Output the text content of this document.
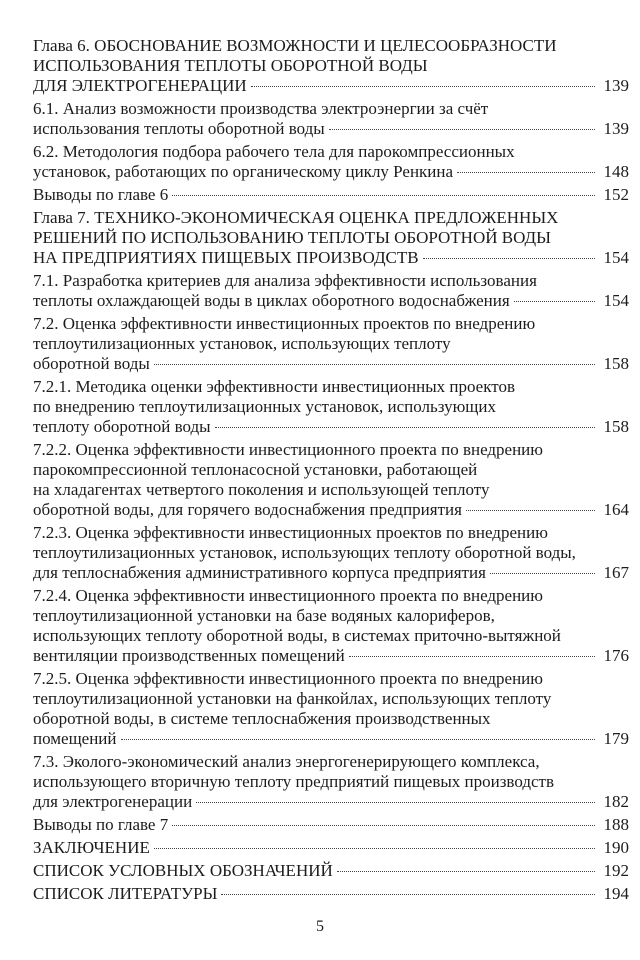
Глава 6. ОБОСНОВАНИЕ ВОЗМОЖНОСТИ И ЦЕЛЕСООБРАЗНОСТИ
ИСПОЛЬЗОВАНИЯ ТЕПЛОТЫ ОБОРОТНОЙ ВОДЫ
ДЛЯ ЭЛЕКТРОГЕНЕРАЦИИ	139
6.1. Анализ возможности производства электроэнергии за счёт
использования теплоты оборотной воды	139
6.2. Методология подбора рабочего тела для парокомпрессионных
установок, работающих по органическому циклу Ренкина	148
Выводы по главе 6	152
Глава 7. ТЕХНИКО-ЭКОНОМИЧЕСКАЯ ОЦЕНКА ПРЕДЛОЖЕННЫХ
РЕШЕНИЙ ПО ИСПОЛЬЗОВАНИЮ ТЕПЛОТЫ ОБОРОТНОЙ ВОДЫ
НА ПРЕДПРИЯТИЯХ ПИЩЕВЫХ ПРОИЗВОДСТВ	154
7.1. Разработка критериев для анализа эффективности использования
теплоты охлаждающей воды в циклах оборотного водоснабжения	154
7.2. Оценка эффективности инвестиционных проектов по внедрению
теплоутилизационных установок, использующих теплоту
оборотной воды	158
7.2.1. Методика оценки эффективности инвестиционных проектов
по внедрению теплоутилизационных установок, использующих
теплоту оборотной воды	158
7.2.2. Оценка эффективности инвестиционного проекта по внедрению
парокомпрессионной теплонасосной установки, работающей
на хладагентах четвертого поколения и использующей теплоту
оборотной воды, для горячего водоснабжения предприятия	164
7.2.3. Оценка эффективности инвестиционных проектов по внедрению
теплоутилизационных установок, использующих теплоту оборотной воды,
для теплоснабжения административного корпуса предприятия	167
7.2.4. Оценка эффективности инвестиционного проекта по внедрению
теплоутилизационной установки на базе водяных калориферов,
использующих теплоту оборотной воды, в системах приточно-вытяжной
вентиляции производственных помещений	176
7.2.5. Оценка эффективности инвестиционного проекта по внедрению
теплоутилизационной установки на фанкойлах, использующих теплоту
оборотной воды, в системе теплоснабжения производственных
помещений	179
7.3. Эколого-экономический анализ энергогенерирующего комплекса,
использующего вторичную теплоту предприятий пищевых производств
для электрогенерации	182
Выводы по главе 7	188
ЗАКЛЮЧЕНИЕ	190
СПИСОК УСЛОВНЫХ ОБОЗНАЧЕНИЙ	192
СПИСОК ЛИТЕРАТУРЫ	194
5
